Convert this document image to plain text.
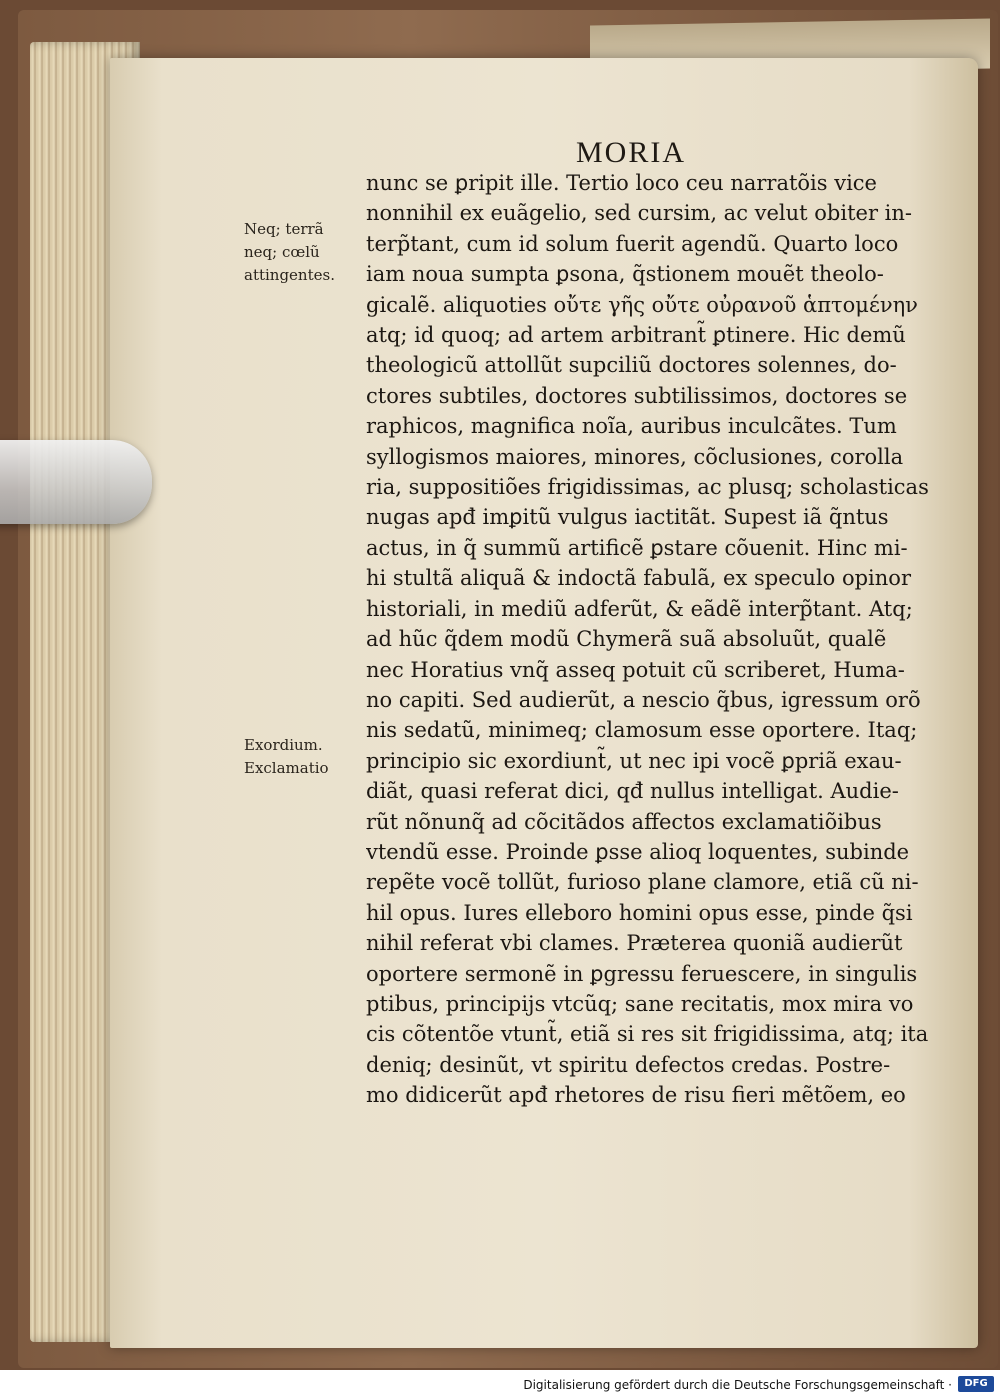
MORIA
Neq; terrã
neq; cœlũ
attingentes.
Exordium.
Exclamatio
nunc se ꝑripit ille. Tertio loco ceu narratõis vice
nonnihil ex euãgelio, sed cursim, ac velut obiter in-
terp̃tant, cum id solum fuerit agendũ. Quarto loco
iam noua sumpta ꝑsona, q̃stionem mouẽt theolo-
gicalẽ. aliquoties οὔτε γῆς οὔτε οὐρανοῦ ἁπτομένην
atq; id quoq; ad artem arbitrant̃ ꝑtinere. Hic demũ
theologicũ attollũt supciliũ doctores solennes, do-
ctores subtiles, doctores subtilissimos, doctores se
raphicos, magnifica noĩa, auribus inculcãtes. Tum
syllogismos maiores, minores, cõclusiones, corolla
ria, suppositiões frigidissimas, ac plusq; scholasticas
nugas apđ imꝑitũ vulgus iactitãt. Supest iã q̃ntus
actus, in q̃ summũ artificẽ ꝑstare cõuenit. Hinc mi-
hi stultã aliquã & indoctã fabulã, ex speculo opinor
historiali, in mediũ adferũt, & eãdẽ interp̃tant. Atq;
ad hũc q̃dem modũ Chymerã suã absoluũt, qualẽ
nec Horatius vnq̃ asseq potuit cũ scriberet, Huma-
no capiti. Sed audierũt, a nescio q̃bus, igressum orõ
nis sedatũ, minimeq; clamosum esse oportere. Itaq;
principio sic exordiunt̃, ut nec ipi vocẽ ꝑpriã exau-
diãt, quasi referat dici, qđ nullus intelligat. Audie-
rũt nõnunq̃ ad cõcitãdos affectos exclamatiõibus
vtendũ esse. Proinde ꝑsse alioq loquentes, subinde
repẽte vocẽ tollũt, furioso plane clamore, etiã cũ ni-
hil opus. Iures elleboro homini opus esse, pinde q̃si
nihil referat vbi clames. Præterea quoniã audierũt
oportere sermonẽ in ꝑgressu feruescere, in singulis
ptibus, principijs vtcũq; sane recitatis, mox mira vo
cis cõtentõe vtunt̃, etiã si res sit frigidissima, atq; ita
deniq; desinũt, vt spiritu defectos credas. Postre-
mo didicerũt apđ rhetores de risu fieri mẽtõem, eo
Digitalisierung gefördert durch die Deutsche Forschungsgemeinschaft ·	DFG
